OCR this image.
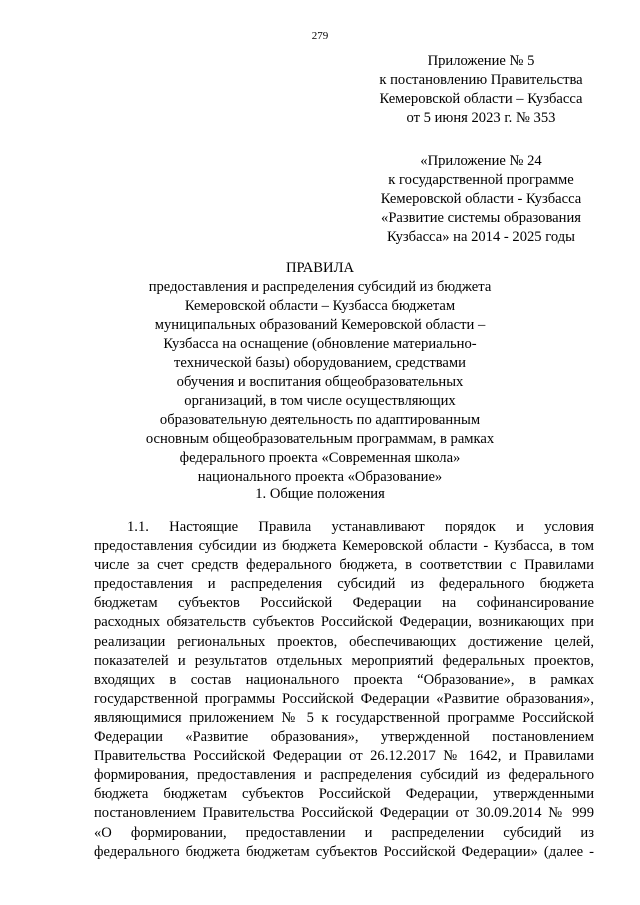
279
Приложение № 5
к постановлению Правительства
Кемеровской области – Кузбасса
от 5 июня 2023 г. № 353
«Приложение № 24
к государственной программе
Кемеровской области - Кузбасса
«Развитие системы образования
Кузбасса» на 2014 - 2025 годы
ПРАВИЛА
предоставления и распределения субсидий из бюджета
Кемеровской области – Кузбасса бюджетам
муниципальных образований Кемеровской области –
Кузбасса на оснащение (обновление материально-
технической базы) оборудованием, средствами
обучения и воспитания общеобразовательных
организаций, в том числе осуществляющих
образовательную деятельность по адаптированным
основным общеобразовательным программам, в рамках
федерального проекта «Современная школа»
национального проекта «Образование»
1. Общие положения
1.1. Настоящие Правила устанавливают порядок и условия
предоставления субсидии из бюджета Кемеровской области - Кузбасса, в том
числе за счет средств федерального бюджета, в соответствии с Правилами
предоставления и распределения субсидий из федерального бюджета
бюджетам субъектов Российской Федерации на софинансирование
расходных обязательств субъектов Российской Федерации, возникающих при
реализации региональных проектов, обеспечивающих достижение целей,
показателей и результатов отдельных мероприятий федеральных проектов,
входящих в состав национального проекта “Образование», в рамках
государственной программы Российской Федерации «Развитие образования»,
являющимися приложением № 5 к государственной программе Российской
Федерации «Развитие образования», утвержденной постановлением
Правительства Российской Федерации от 26.12.2017 № 1642, и Правилами
формирования, предоставления и распределения субсидий из федерального
бюджета бюджетам субъектов Российской Федерации, утвержденными
постановлением Правительства Российской Федерации от 30.09.2014 № 999
«О формировании, предоставлении и распределении субсидий из
федерального бюджета бюджетам субъектов Российской Федерации» (далее -
